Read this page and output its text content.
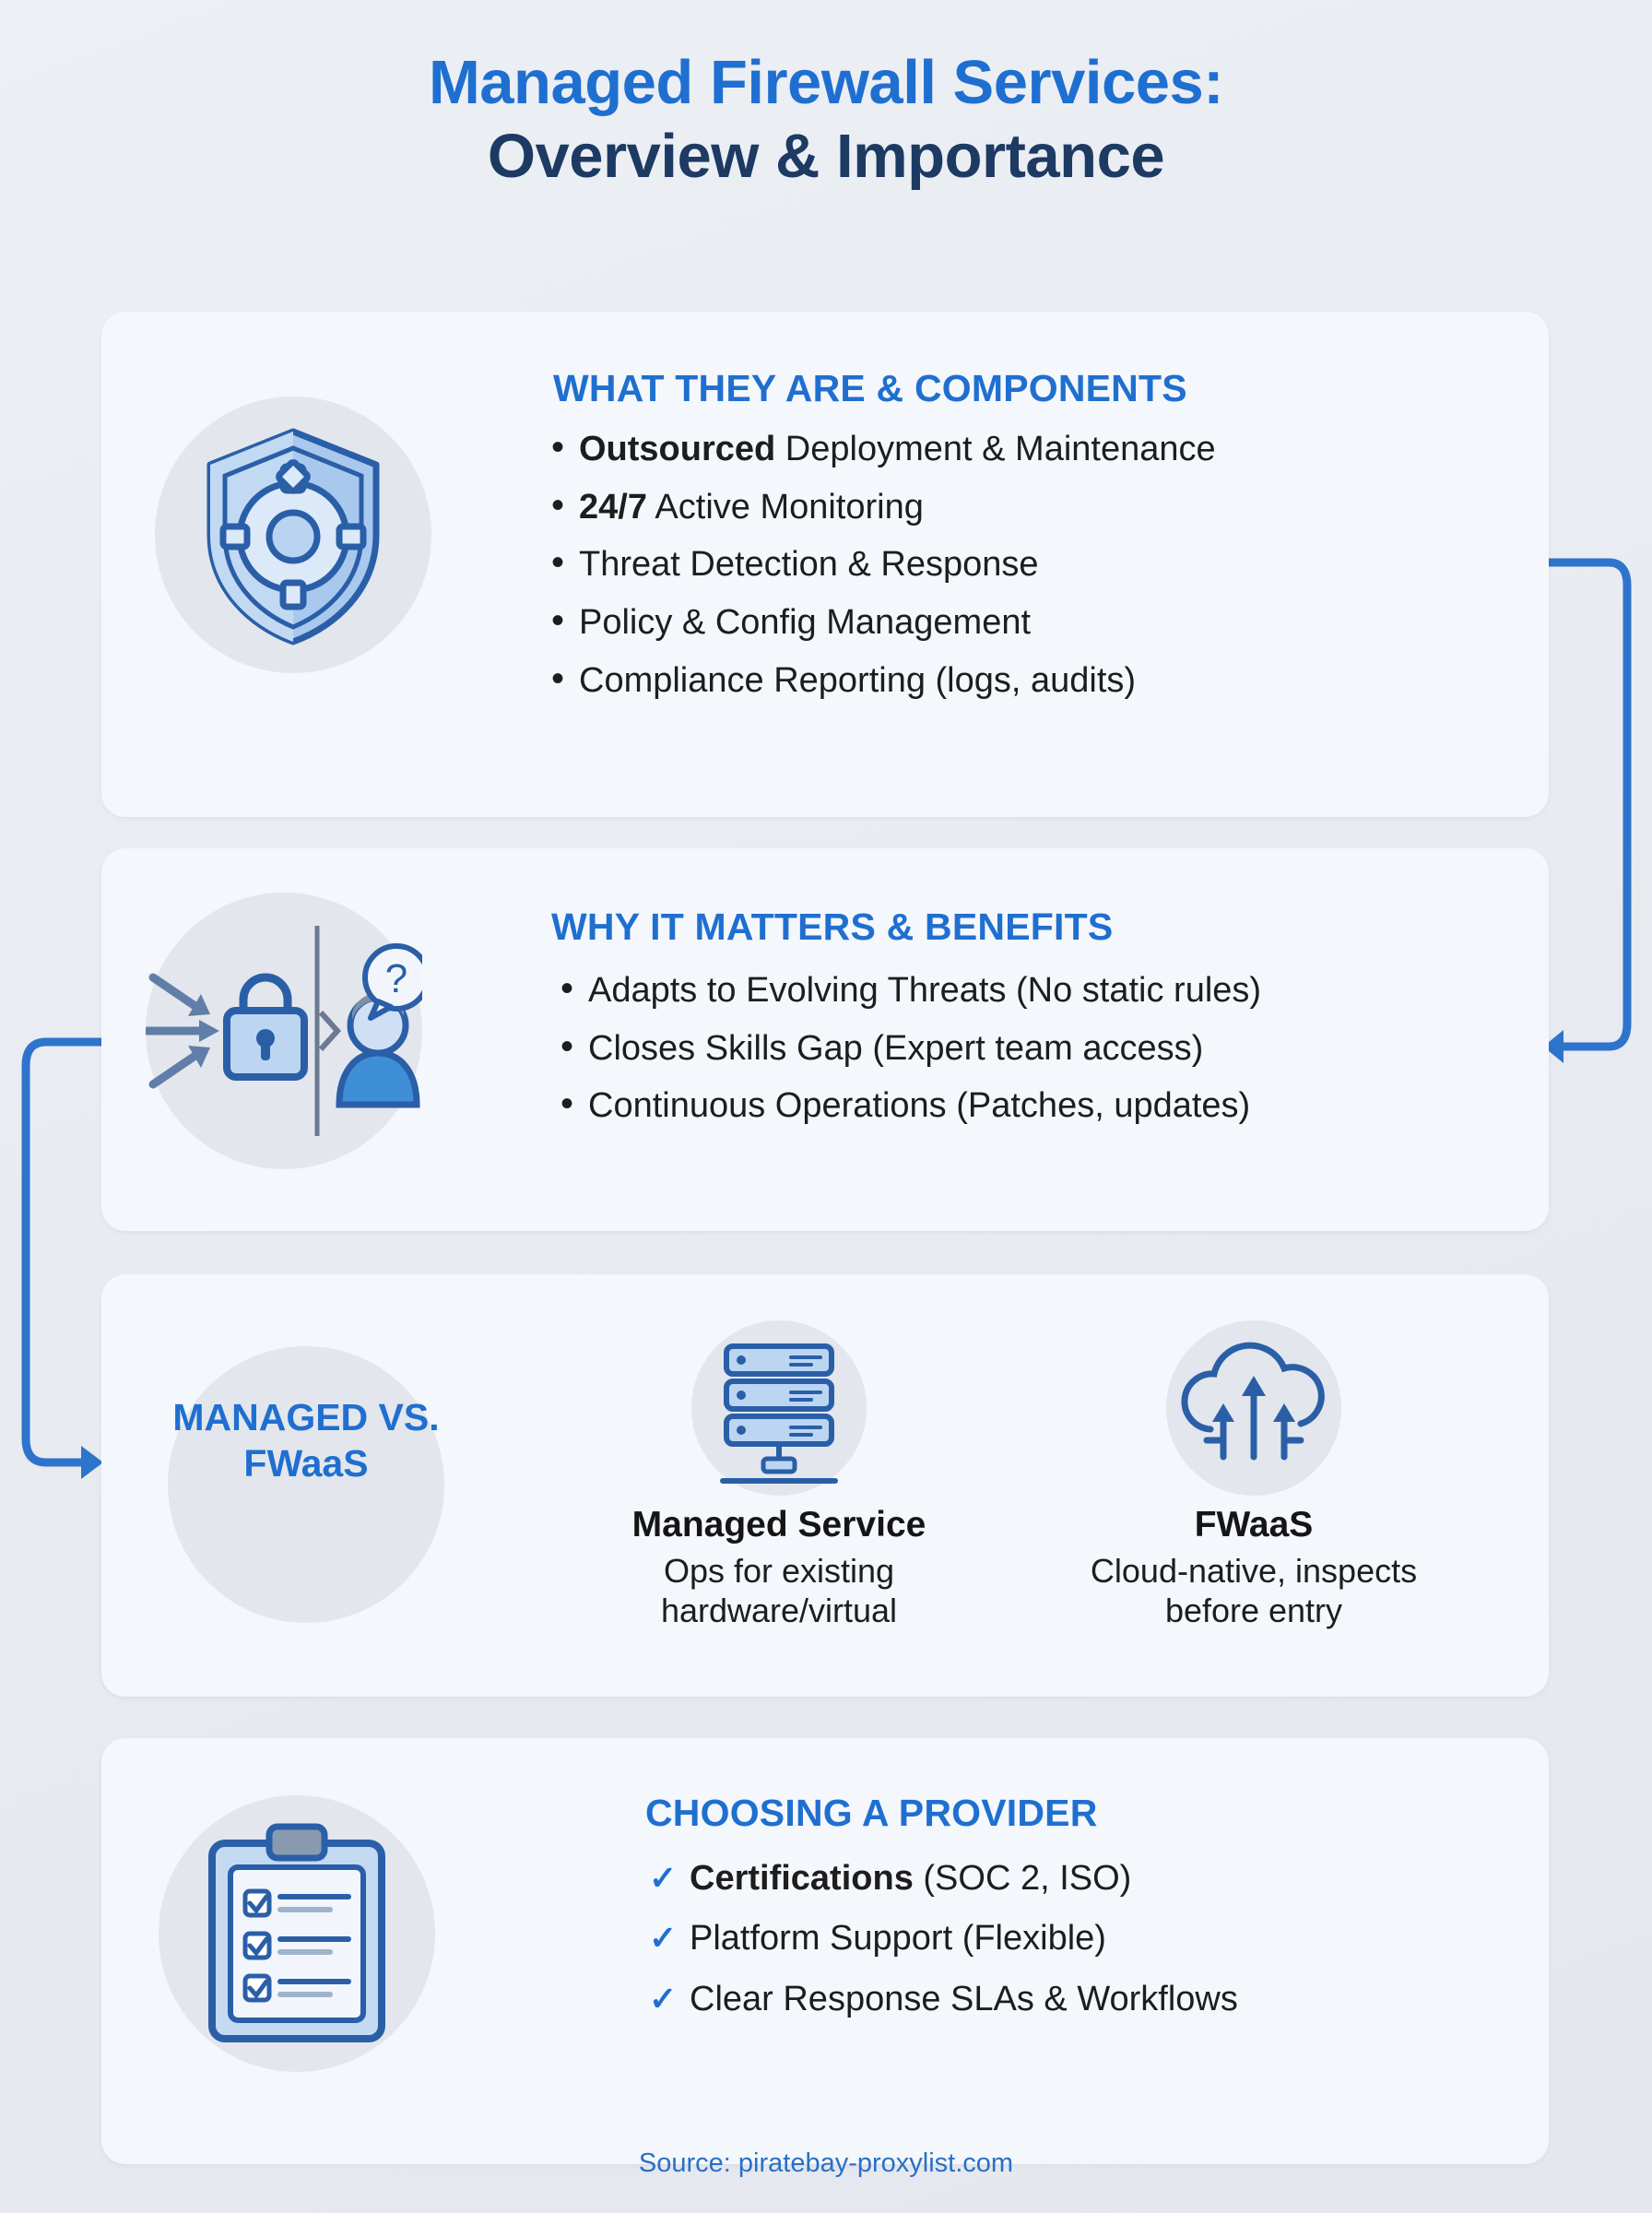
Managed Firewall Services:
Overview & Importance
WHAT THEY ARE & COMPONENTS
• Outsourced Deployment & Maintenance
• 24/7 Active Monitoring
• Threat Detection & Response
• Policy & Config Management
• Compliance Reporting (logs, audits)
?
WHY IT MATTERS & BENEFITS
• Adapts to Evolving Threats (No static rules)
• Closes Skills Gap (Expert team access)
• Continuous Operations (Patches, updates)
MANAGED VS. FWaaS
Managed Service
Ops for existing hardware/virtual
FWaaS
Cloud-native, inspects before entry
CHOOSING A PROVIDER
✓ Certifications (SOC 2, ISO)
✓ Platform Support (Flexible)
✓ Clear Response SLAs & Workflows
Source: piratebay-proxylist.com
